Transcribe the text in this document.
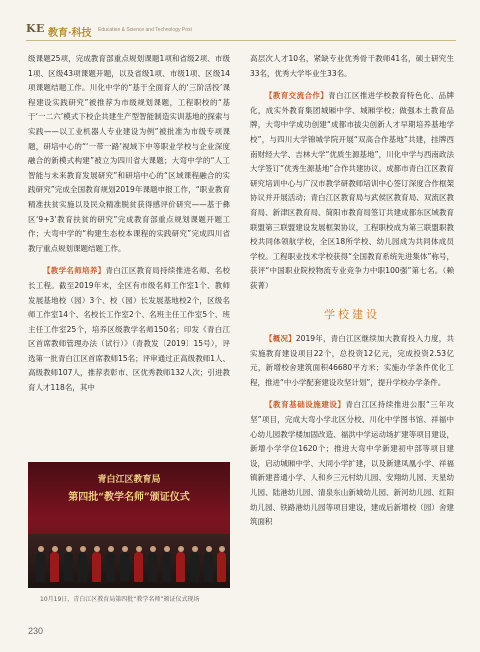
KE 教育·科技 Education & Science and Technology Post

级课题25项，完成教育部重点规划课题1项和省级2项、市级1项、区级43项课题开题，以及省级1项、市级1项、区级14项课题结题工作。川化中学的“基于全面育人的‘三阶活投’课程建设实践研究”被推荐为市级规划课题，工程职校的“基于‘一二六’模式下校企共建生产型智能制造实训基地的探索与实践——以工业机器人专业建设为例”被批准为市级专项课题，研培中心的“‘一带一路’视域下中等职业学校与企业深度融合的新模式构建”被立为四川省大课题；大弯中学的“人工智能与未来教育发展研究”和研培中心的“区域课程融合的实践研究”完成全国教育规划2019年课题申报工作，“职业教育精准扶贫实施以及民众精准脱贫获得感评价研究——基于彝区‘9+3’教育扶贫的研究”完成教育部重点规划课题开题工作；大弯中学的“构建生态校本课程的实践研究”完成四川省教厅重点规划课题结题工作。

【教学名师培养】青白江区教育局持续推进名师、名校长工程。截至2019年末，全区有市级名师工作室1个、教师发展基地校（园）3个、校（园）长发展基地校2个，区级名师工作室14个、名校长工作室2个、名班主任工作室5个、班主任工作室25个，培养区级教学名师150名；印发《青白江区首席教师管理办法（试行）》（青教发〔2019〕15号），评选第一批青白江区首席教师15名；评审通过正高级教师1人、高级教师107人，推荐表彰市、区优秀教师132人次；引进教育人才118名，其中

青白江区教育局
第四批“教学名师”颁证仪式
10月19日，青白江区教育局第四批“教学名师”颁证仪式现场

高层次人才10名，紧缺专业优秀骨干教师41名，硕士研究生33名，优秀大学毕业生33名。

【教育交流合作】青白江区推进学校教育特色化、品牌化，成实外教育集团城厢中学、城厢学校；做强本土教育品牌，大弯中学成功创建“成都市拔尖创新人才早期培养基地学校”，与四川大学锦城学院开展“双高合作基地”共建，挂牌西南财经大学、吉林大学“优质生源基地”，川化中学与西南政法大学签订“优秀生源基地”合作共建协议。成都市青白江区教育研究培训中心与广汉市教学研教师培训中心签订深度合作框架协议并开展活动；青白江区教育局与武侯区教育局、双流区教育局、新津区教育局、简阳市教育局签订共建成都东区域教育联盟第三联盟建设发展框架协议，工程职校成为第三联盟职教校共同体领航学校，全区18所学校、幼儿园成为共同体成员学校。工程职业技术学校获得“全国教育系统先进集体”称号，获评“中国职业院校物流专业竞争力中职100强”第七名。（赖荻菁）

学校建设

【概况】2019年，青白江区继续加大教育投入力度，共实施教育建设项目22个，总投资12亿元，完成投资2.53亿元，新增校舍建筑面积46680平方米；实施办学条件优化工程，推进“中小学配套建设攻坚计划”，提升学校办学条件。

【教育基础设施建设】青白江区持续推进公服“三年攻坚”项目，完成大弯小学北区分校、川化中学图书馆、祥福中心幼儿园教学楼加固改造、福洪中学运动场扩建等项目建设，新增小学学位1620个；推进大弯中学新建初中部等项目建设，启动城厢中学、大同小学扩建，以及新建凤凰小学、祥福镇新建普通小学、人和乡三元村幼儿园、安翔幼儿园、天星幼儿园、陆港幼儿园、清泉东山新城幼儿园、新河幼儿园、红阳幼儿园、铁路港幼儿园等项目建设，建成后新增校（园）舍建筑面积

230
